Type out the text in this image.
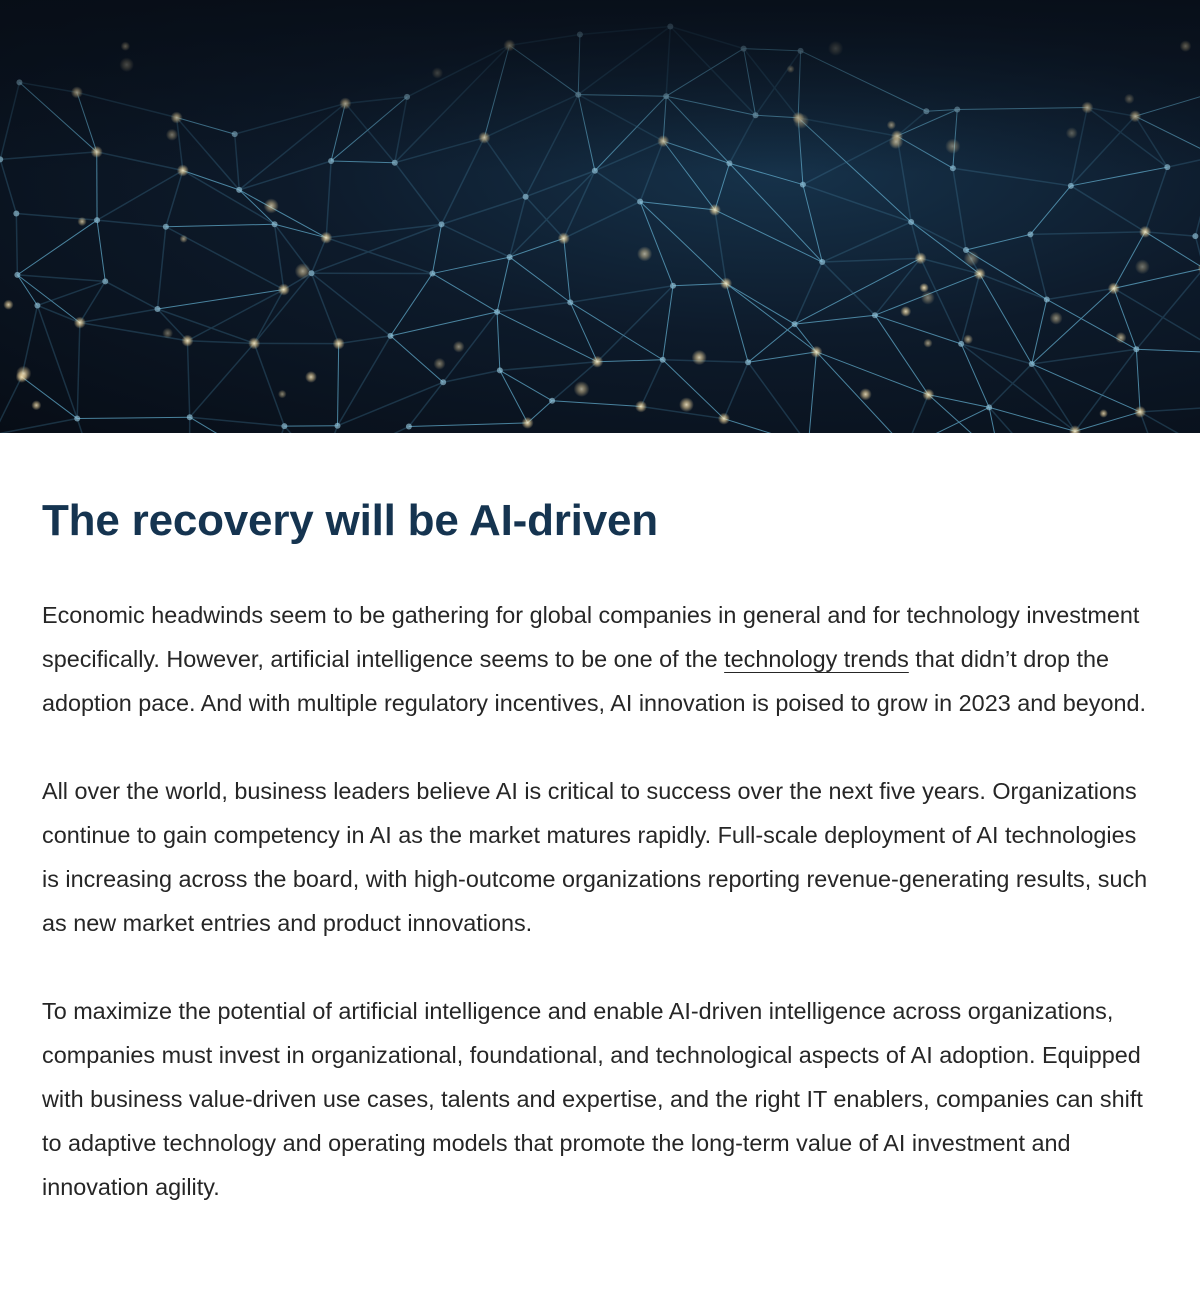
The recovery will be AI-driven

Economic headwinds seem to be gathering for global companies in general and for technology investment specifically. However, artificial intelligence seems to be one of the technology trends that didn’t drop the adoption pace. And with multiple regulatory incentives, AI innovation is poised to grow in 2023 and beyond.

All over the world, business leaders believe AI is critical to success over the next five years. Organizations continue to gain competency in AI as the market matures rapidly. Full-scale deployment of AI technologies is increasing across the board, with high-outcome organizations reporting revenue-generating results, such as new market entries and product innovations.

To maximize the potential of artificial intelligence and enable AI-driven intelligence across organizations, companies must invest in organizational, foundational, and technological aspects of AI adoption. Equipped with business value-driven use cases, talents and expertise, and the right IT enablers, companies can shift to adaptive technology and operating models that promote the long-term value of AI investment and innovation agility.
